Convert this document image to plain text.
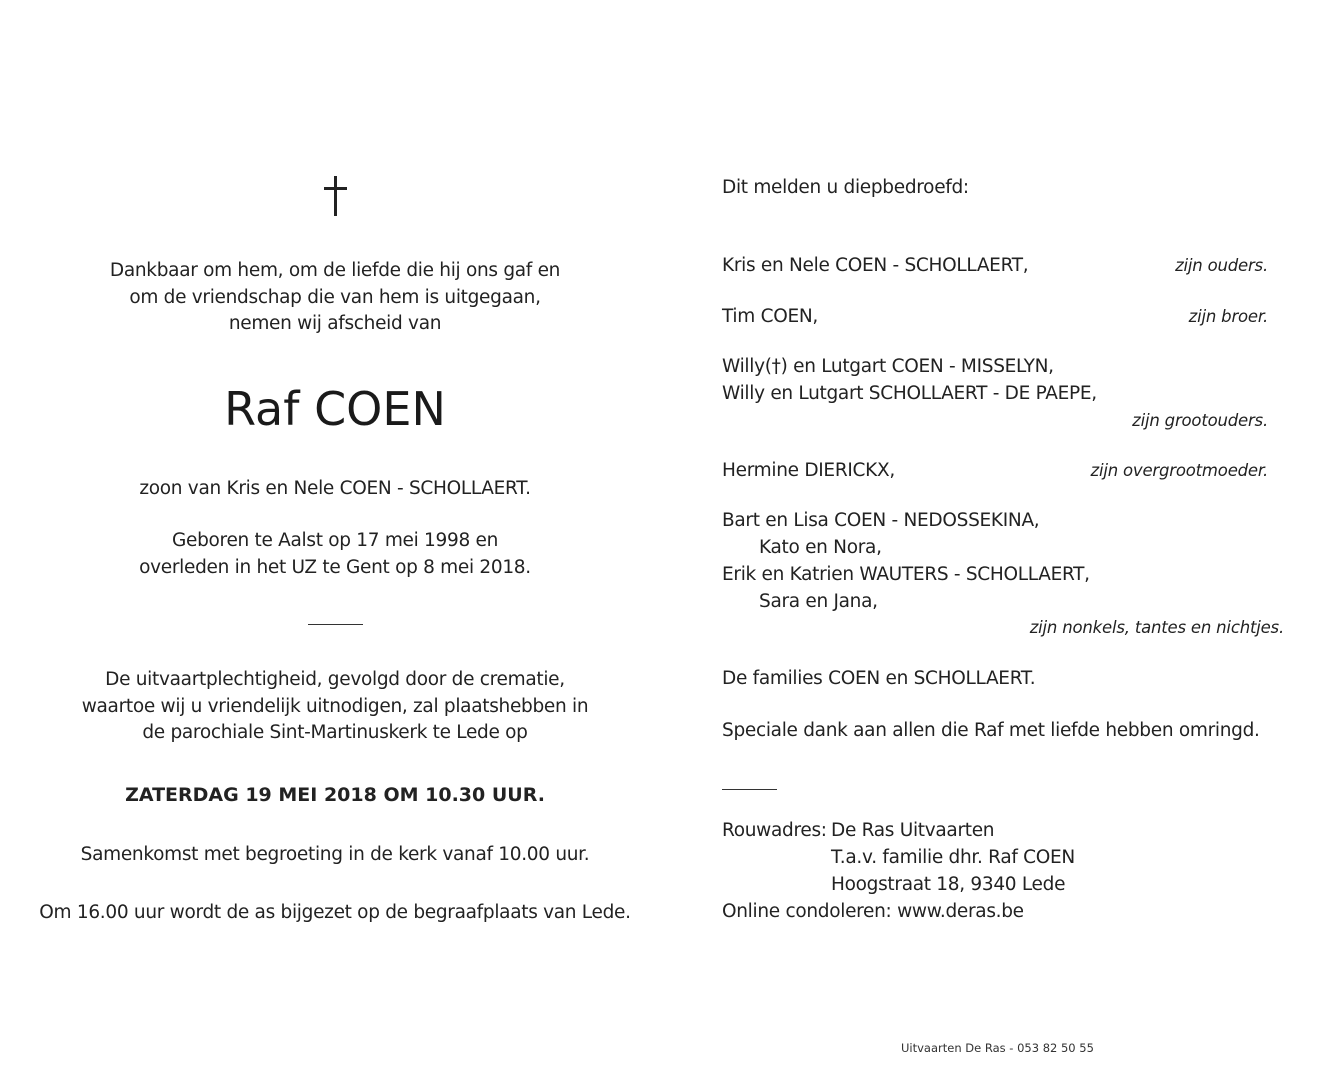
Dankbaar om hem, om de liefde die hij ons gaf en
om de vriendschap die van hem is uitgegaan,
nemen wij afscheid van
Raf COEN
zoon van Kris en Nele COEN - SCHOLLAERT.
Geboren te Aalst op 17 mei 1998 en
overleden in het UZ te Gent op 8 mei 2018.
De uitvaartplechtigheid, gevolgd door de crematie,
waartoe wij u vriendelijk uitnodigen, zal plaatshebben in
de parochiale Sint-Martinuskerk te Lede op
ZATERDAG 19 MEI 2018 OM 10.30 UUR.
Samenkomst met begroeting in de kerk vanaf 10.00 uur.
Om 16.00 uur wordt de as bijgezet op de begraafplaats van Lede.
Dit melden u diepbedroefd:
Kris en Nele COEN - SCHOLLAERT,	zijn ouders.
Tim COEN,	zijn broer.
Willy(†) en Lutgart COEN - MISSELYN,
Willy en Lutgart SCHOLLAERT - DE PAEPE,
zijn grootouders.
Hermine DIERICKX,	zijn overgrootmoeder.
Bart en Lisa COEN - NEDOSSEKINA,
Kato en Nora,
Erik en Katrien WAUTERS - SCHOLLAERT,
Sara en Jana,
zijn nonkels, tantes en nichtjes.
De families COEN en SCHOLLAERT.
Speciale dank aan allen die Raf met liefde hebben omringd.
Rouwadres: De Ras Uitvaarten
T.a.v. familie dhr. Raf COEN
Hoogstraat 18, 9340 Lede
Online condoleren: www.deras.be
Uitvaarten De Ras - 053 82 50 55
